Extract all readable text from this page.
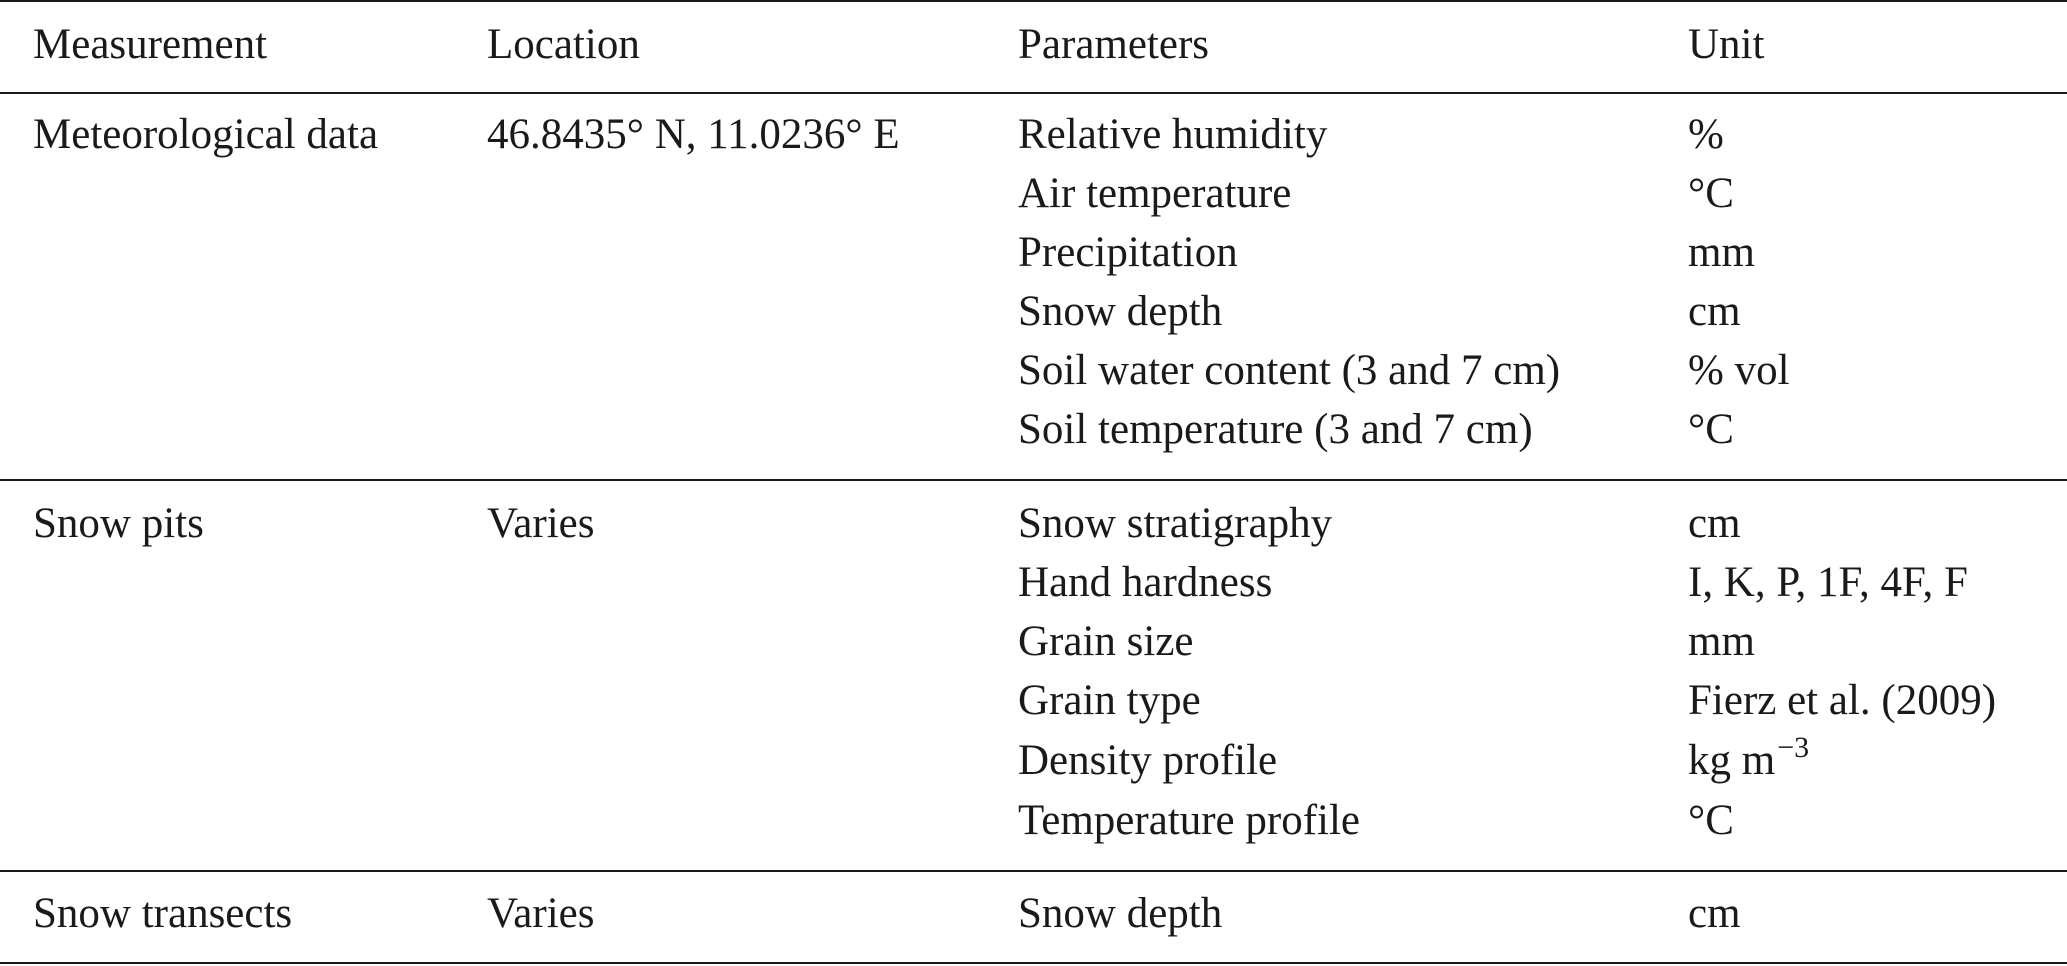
Measurement	Location	Parameters	Unit
Meteorological data	46.8435° N, 11.0236° E	Relative humidity	%
Air temperature	°C
Precipitation	mm
Snow depth	cm
Soil water content (3 and 7 cm)	% vol
Soil temperature (3 and 7 cm)	°C
Snow pits	Varies	Snow stratigraphy	cm
Hand hardness	I, K, P, 1F, 4F, F
Grain size	mm
Grain type	Fierz et al. (2009)
Density profile	kg $m^{-3}$
Temperature profile	°C
Snow transects	Varies	Snow depth	cm
